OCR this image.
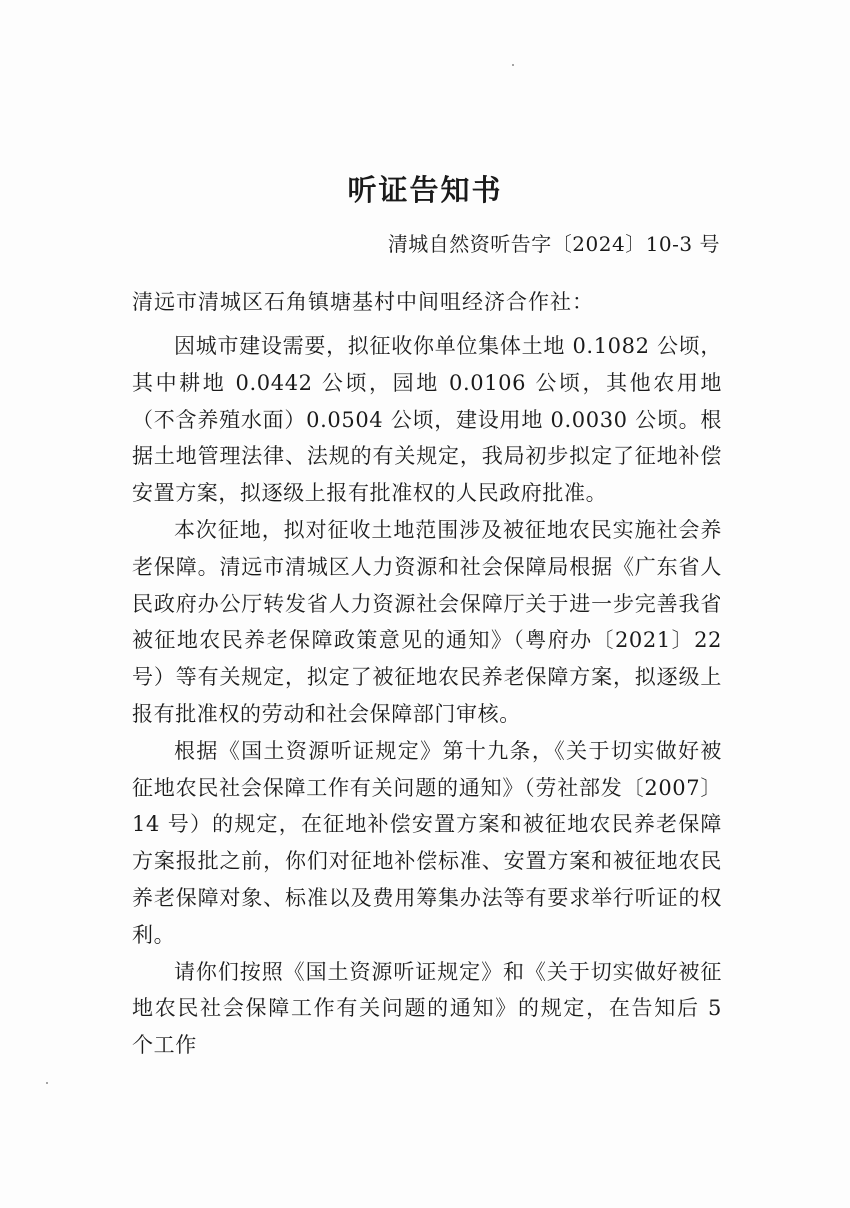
听证告知书
清城自然资听告字〔2024〕10-3 号
清远市清城区石角镇塘基村中间咀经济合作社：

因城市建设需要，拟征收你单位集体土地 0.1082 公顷，其中耕地 0.0442 公顷，园地 0.0106 公顷，其他农用地（不含养殖水面）0.0504 公顷，建设用地 0.0030 公顷。根据土地管理法律、法规的有关规定，我局初步拟定了征地补偿安置方案，拟逐级上报有批准权的人民政府批准。

本次征地，拟对征收土地范围涉及被征地农民实施社会养老保障。清远市清城区人力资源和社会保障局根据《广东省人民政府办公厅转发省人力资源社会保障厅关于进一步完善我省被征地农民养老保障政策意见的通知》（粤府办〔2021〕22 号）等有关规定，拟定了被征地农民养老保障方案，拟逐级上报有批准权的劳动和社会保障部门审核。

根据《国土资源听证规定》第十九条，《关于切实做好被征地农民社会保障工作有关问题的通知》（劳社部发〔2007〕14 号）的规定，在征地补偿安置方案和被征地农民养老保障方案报批之前，你们对征地补偿标准、安置方案和被征地农民养老保障对象、标准以及费用筹集办法等有要求举行听证的权利。

请你们按照《国土资源听证规定》和《关于切实做好被征地农民社会保障工作有关问题的通知》的规定，在告知后 5 个工作
